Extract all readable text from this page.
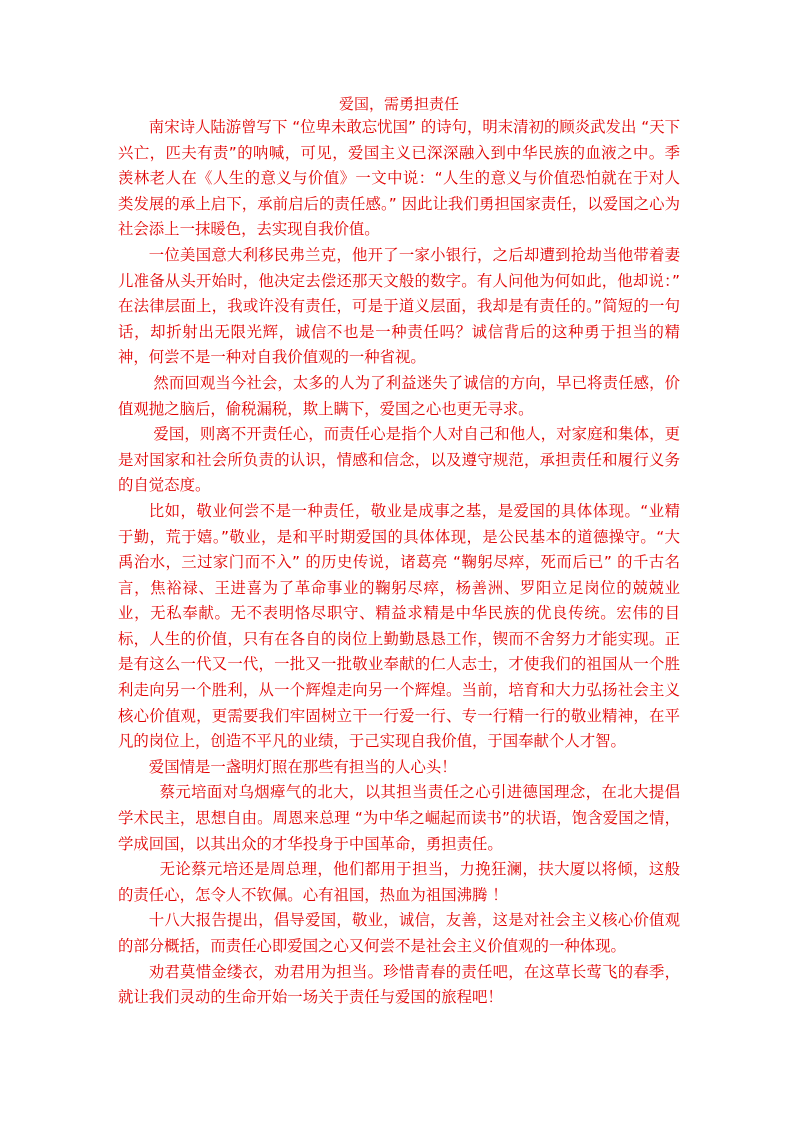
爱国，需勇担责任

南宋诗人陆游曾写下 “位卑未敢忘忧国” 的诗句，明末清初的顾炎武发出 “天下兴亡，匹夫有责”的呐喊，可见，爱国主义已深深融入到中华民族的血液之中。季羡林老人在《人生的意义与价值》一文中说：“人生的意义与价值恐怕就在于对人类发展的承上启下，承前启后的责任感。” 因此让我们勇担国家责任，以爱国之心为社会添上一抹暖色，去实现自我价值。

一位美国意大利移民弗兰克，他开了一家小银行，之后却遭到抢劫当他带着妻儿准备从头开始时，他决定去偿还那天文般的数字。有人问他为何如此，他却说：” 在法律层面上，我或许没有责任，可是于道义层面，我却是有责任的。”简短的一句话，却折射出无限光辉，诚信不也是一种责任吗？诚信背后的这种勇于担当的精神，何尝不是一种对自我价值观的一种省视。

然而回观当今社会，太多的人为了利益迷失了诚信的方向，早已将责任感，价值观抛之脑后，偷税漏税，欺上瞒下，爱国之心也更无寻求。

爱国，则离不开责任心，而责任心是指个人对自己和他人，对家庭和集体，更是对国家和社会所负责的认识，情感和信念，以及遵守规范，承担责任和履行义务的自觉态度。

比如，敬业何尝不是一种责任，敬业是成事之基，是爱国的具体体现。“业精于勤，荒于嬉。”敬业，是和平时期爱国的具体体现，是公民基本的道德操守。“大禹治水，三过家门而不入” 的历史传说，诸葛亮 “鞠躬尽瘁，死而后已” 的千古名言，焦裕禄、王进喜为了革命事业的鞠躬尽瘁，杨善洲、罗阳立足岗位的兢兢业业，无私奉献。无不表明恪尽职守、精益求精是中华民族的优良传统。宏伟的目标，人生的价值，只有在各自的岗位上勤勤恳恳工作，锲而不舍努力才能实现。正是有这么一代又一代，一批又一批敬业奉献的仁人志士，才使我们的祖国从一个胜利走向另一个胜利，从一个辉煌走向另一个辉煌。当前，培育和大力弘扬社会主义核心价值观，更需要我们牢固树立干一行爱一行、专一行精一行的敬业精神，在平凡的岗位上，创造不平凡的业绩，于己实现自我价值，于国奉献个人才智。

爱国情是一盏明灯照在那些有担当的人心头！

蔡元培面对乌烟瘴气的北大，以其担当责任之心引进德国理念，在北大提倡学术民主，思想自由。周恩来总理 “为中华之崛起而读书”的状语，饱含爱国之情，学成回国，以其出众的才华投身于中国革命，勇担责任。

无论蔡元培还是周总理，他们都用于担当，力挽狂澜，扶大厦以将倾，这般的责任心，怎令人不钦佩。心有祖国，热血为祖国沸腾 ！

十八大报告提出，倡导爱国，敬业，诚信，友善，这是对社会主义核心价值观的部分概括，而责任心即爱国之心又何尝不是社会主义价值观的一种体现。

劝君莫惜金缕衣，劝君用为担当。珍惜青春的责任吧，在这草长莺飞的春季，就让我们灵动的生命开始一场关于责任与爱国的旅程吧！
